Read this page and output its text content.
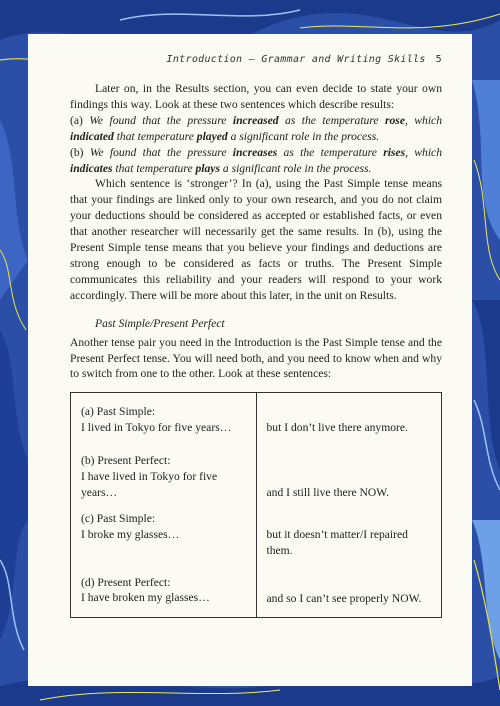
Introduction — Grammar and Writing Skills 5

Later on, in the Results section, you can even decide to state your own findings this way. Look at these two sentences which describe results:

(a) We found that the pressure increased as the temperature rose, which indicated that temperature played a significant role in the process.

(b) We found that the pressure increases as the temperature rises, which indicates that temperature plays a significant role in the process.

Which sentence is ‘stronger’? In (a), using the Past Simple tense means that your findings are linked only to your own research, and you do not claim your deductions should be considered as accepted or established facts, or even that another researcher will necessarily get the same results. In (b), using the Present Simple tense means that you believe your findings and deductions are strong enough to be considered as facts or truths. The Present Simple communicates this reliability and your readers will respond to your work accordingly. There will be more about this later, in the unit on Results.

Past Simple/Present Perfect

Another tense pair you need in the Introduction is the Past Simple tense and the Present Perfect tense. You will need both, and you need to know when and why to switch from one to the other. Look at these sentences:

(a) Past Simple:
I lived in Tokyo for five years…	but I don’t live there anymore.

(b) Present Perfect:
I have lived in Tokyo for five years…	and I still live there NOW.

(c) Past Simple:
I broke my glasses…	but it doesn’t matter/I repaired them.

(d) Present Perfect:
I have broken my glasses…	and so I can’t see properly NOW.
